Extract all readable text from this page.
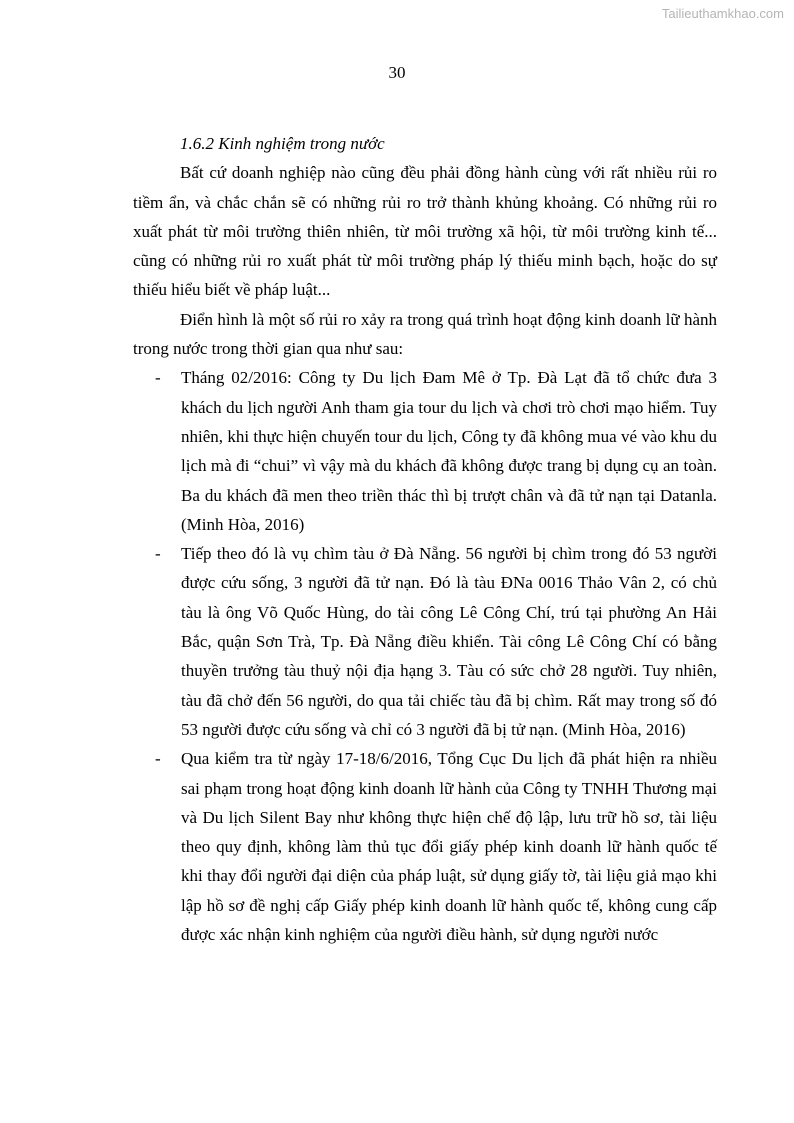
Tailieuthamkhao.com
30
1.6.2 Kinh nghiệm trong nước

Bất cứ doanh nghiệp nào cũng đều phải đồng hành cùng với rất nhiều rủi ro tiềm ẩn, và chắc chắn sẽ có những rủi ro trở thành khủng khoảng. Có những rủi ro xuất phát từ môi trường thiên nhiên, từ môi trường xã hội, từ môi trường kinh tế... cũng có những rủi ro xuất phát từ môi trường pháp lý thiếu minh bạch, hoặc do sự thiếu hiểu biết về pháp luật...

Điển hình là một số rủi ro xảy ra trong quá trình hoạt động kinh doanh lữ hành trong nước trong thời gian qua như sau:

- Tháng 02/2016: Công ty Du lịch Đam Mê ở Tp. Đà Lạt đã tổ chức đưa 3 khách du lịch người Anh tham gia tour du lịch và chơi trò chơi mạo hiểm. Tuy nhiên, khi thực hiện chuyến tour du lịch, Công ty đã không mua vé vào khu du lịch mà đi “chui” vì vậy mà du khách đã không được trang bị dụng cụ an toàn. Ba du khách đã men theo triền thác thì bị trượt chân và đã tử nạn tại Datanla. (Minh Hòa, 2016)
- Tiếp theo đó là vụ chìm tàu ở Đà Nẵng. 56 người bị chìm trong đó 53 người được cứu sống, 3 người đã tử nạn. Đó là tàu ĐNa 0016 Thảo Vân 2, có chủ tàu là ông Võ Quốc Hùng, do tài công Lê Công Chí, trú tại phường An Hải Bắc, quận Sơn Trà, Tp. Đà Nẵng điều khiển. Tài công Lê Công Chí có bằng thuyền trưởng tàu thuỷ nội địa hạng 3. Tàu có sức chở 28 người. Tuy nhiên, tàu đã chở đến 56 người, do qua tải chiếc tàu đã bị chìm. Rất may trong số đó 53 người được cứu sống và chỉ có 3 người đã bị tử nạn. (Minh Hòa, 2016)
- Qua kiểm tra từ ngày 17-18/6/2016, Tổng Cục Du lịch đã phát hiện ra nhiều sai phạm trong hoạt động kinh doanh lữ hành của Công ty TNHH Thương mại và Du lịch Silent Bay như không thực hiện chế độ lập, lưu trữ hồ sơ, tài liệu theo quy định, không làm thủ tục đổi giấy phép kinh doanh lữ hành quốc tế khi thay đổi người đại diện của pháp luật, sử dụng giấy tờ, tài liệu giả mạo khi lập hồ sơ đề nghị cấp Giấy phép kinh doanh lữ hành quốc tế, không cung cấp được xác nhận kinh nghiệm của người điều hành, sử dụng người nước
